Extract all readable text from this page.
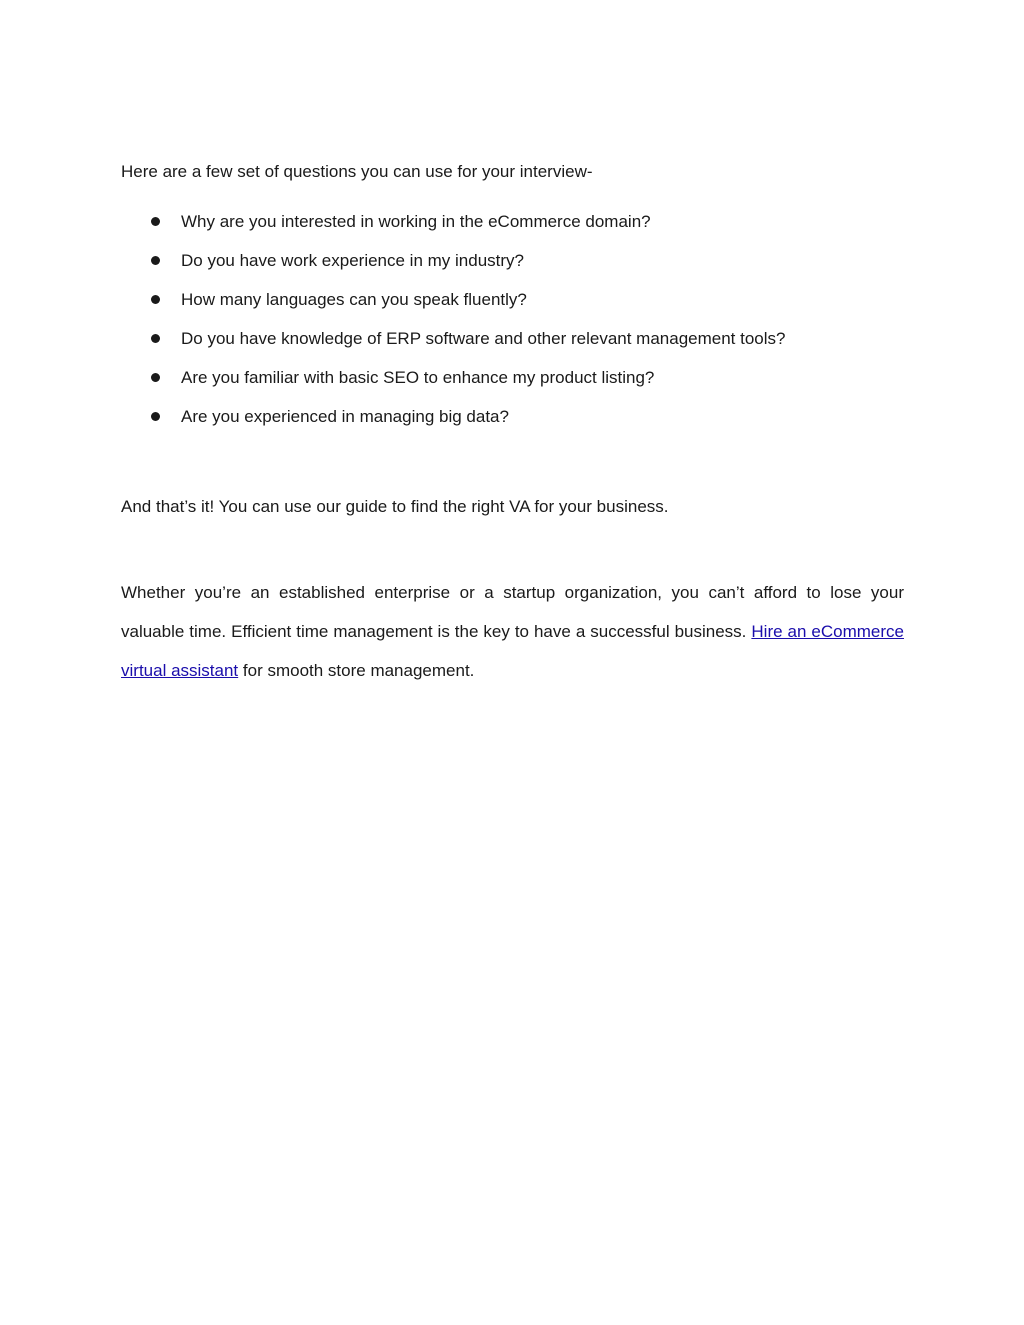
Here are a few set of questions you can use for your interview-

Why are you interested in working in the eCommerce domain?
Do you have work experience in my industry?
How many languages can you speak fluently?
Do you have knowledge of ERP software and other relevant management tools?
Are you familiar with basic SEO to enhance my product listing?
Are you experienced in managing big data?

And that’s it! You can use our guide to find the right VA for your business.

Whether you’re an established enterprise or a startup organization, you can’t afford to lose your valuable time. Efficient time management is the key to have a successful business. Hire an eCommerce virtual assistant for smooth store management.
